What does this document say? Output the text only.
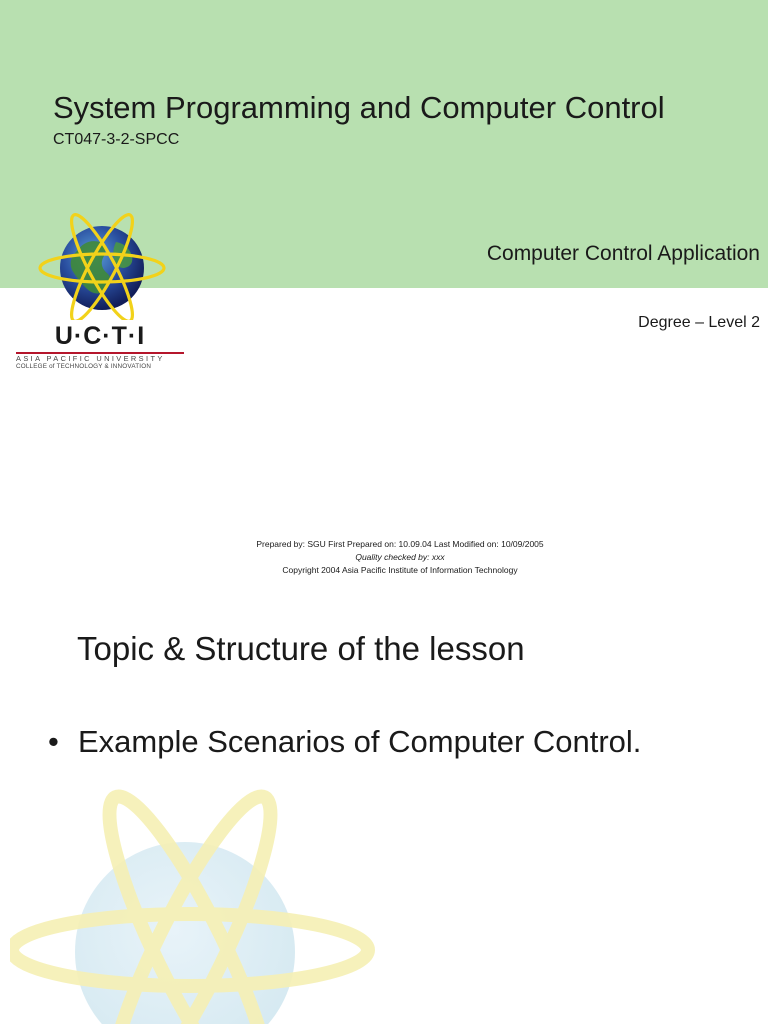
System Programming and Computer Control
CT047-3-2-SPCC
Computer Control Application
Degree – Level 2
U·C·T·I
ASIA PACIFIC UNIVERSITY
COLLEGE of TECHNOLOGY & INNOVATION
Prepared by: SGU First Prepared on: 10.09.04 Last Modified on: 10/09/2005
Quality checked by: xxx
Copyright 2004 Asia Pacific Institute of Information Technology
Topic & Structure of the lesson
• Example Scenarios of Computer Control.
